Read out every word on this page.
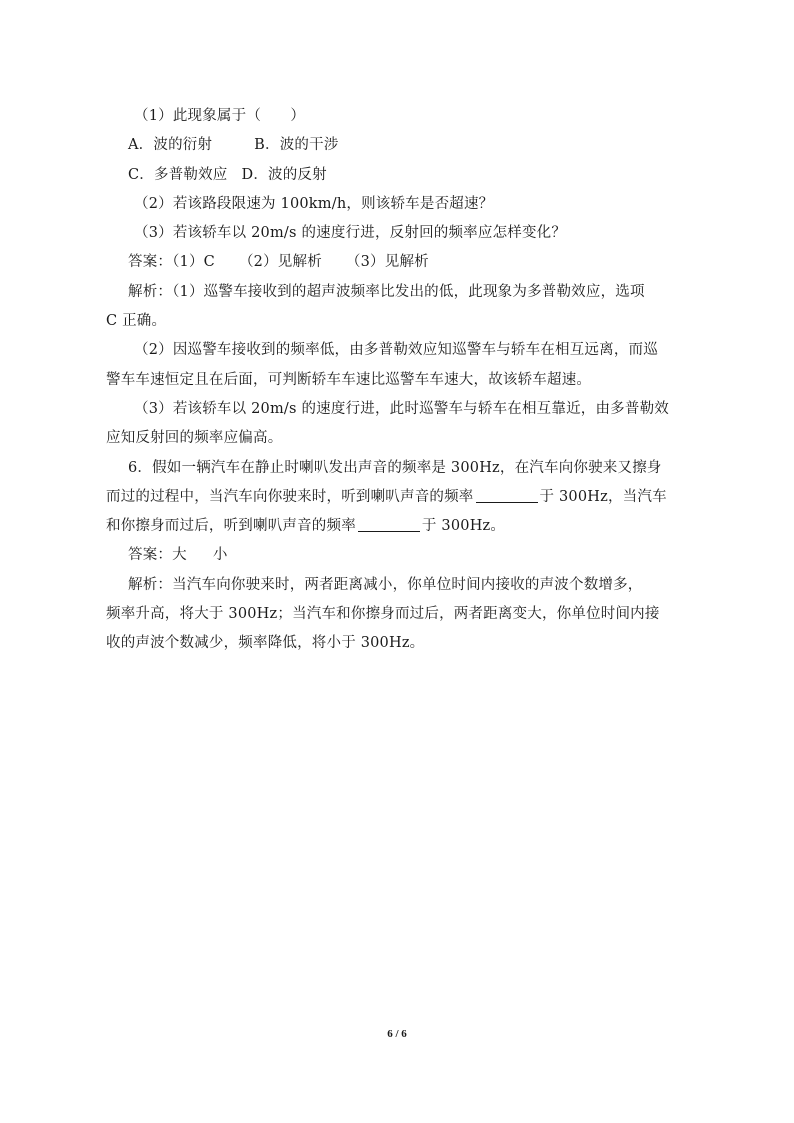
（1）此现象属于（　　）
A．波的衍射	B．波的干涉
C．多普勒效应 D．波的反射
（2）若该路段限速为 100km/h，则该轿车是否超速？
（3）若该轿车以 20m/s 的速度行进，反射回的频率应怎样变化？
答案：（1）C （2）见解析 （3）见解析
解析：（1）巡警车接收到的超声波频率比发出的低，此现象为多普勒效应，选项
C 正确。
（2）因巡警车接收到的频率低，由多普勒效应知巡警车与轿车在相互远离，而巡
警车车速恒定且在后面，可判断轿车车速比巡警车车速大，故该轿车超速。
（3）若该轿车以 20m/s 的速度行进，此时巡警车与轿车在相互靠近，由多普勒效
应知反射回的频率应偏高。
6．假如一辆汽车在静止时喇叭发出声音的频率是 300Hz，在汽车向你驶来又擦身
而过的过程中，当汽车向你驶来时，听到喇叭声音的频率	于 300Hz，当汽车
和你擦身而过后，听到喇叭声音的频率	于 300Hz。
答案：大 小
解析：当汽车向你驶来时，两者距离减小，你单位时间内接收的声波个数增多，
频率升高，将大于 300Hz；当汽车和你擦身而过后，两者距离变大，你单位时间内接
收的声波个数减少，频率降低，将小于 300Hz。
6 / 6
